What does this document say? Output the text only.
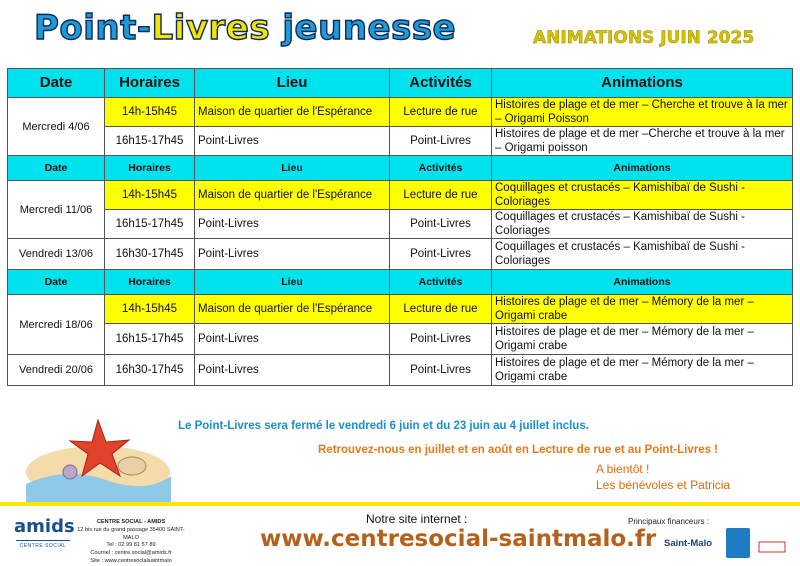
Point-Livres jeunesse	ANIMATIONS JUIN 2025
Date	Horaires	Lieu	Activités	Animations
Mercredi 4/06	14h-15h45	Maison de quartier de l'Espérance	Lecture de rue	Histoires de plage et de mer – Cherche et trouve à la mer – Origami Poisson
	16h15-17h45	Point-Livres	Point-Livres	Histoires de plage et de mer –Cherche et trouve à la mer – Origami poisson
Date	Horaires	Lieu	Activités	Animations
Mercredi 11/06	14h-15h45	Maison de quartier de l'Espérance	Lecture de rue	Coquillages et crustacés – Kamishibaï de Sushi - Coloriages
	16h15-17h45	Point-Livres	Point-Livres	Coquillages et crustacés – Kamishibaï de Sushi - Coloriages
Vendredi 13/06	16h30-17h45	Point-Livres	Point-Livres	Coquillages et crustacés – Kamishibaï de Sushi - Coloriages
Date	Horaires	Lieu	Activités	Animations
Mercredi 18/06	14h-15h45	Maison de quartier de l'Espérance	Lecture de rue	Histoires de plage et de mer – Mémory de la mer – Origami crabe
	16h15-17h45	Point-Livres	Point-Livres	Histoires de plage et de mer – Mémory de la mer – Origami crabe
Vendredi 20/06	16h30-17h45	Point-Livres	Point-Livres	Histoires de plage et de mer – Mémory de la mer – Origami crabe
Le Point-Livres sera fermé le vendredi 6 juin et du 23 juin au 4 juillet inclus.
Retrouvez-nous en juillet et en août en Lecture de rue et au Point-Livres !
A bientôt !
Les bénévoles et Patricia
amids
CENTRE SOCIAL
CENTRE SOCIAL - AMIDS
12 bis rue du grand passage 35400 SAINT-MALO
Tel : 02 99 81 57 89
Courriel : centre.social@amids.fr
Site : www.centresocialsaintmalo
Notre site internet :
www.centresocial-saintmalo.fr
Principaux financeurs :
Saint-Malo
